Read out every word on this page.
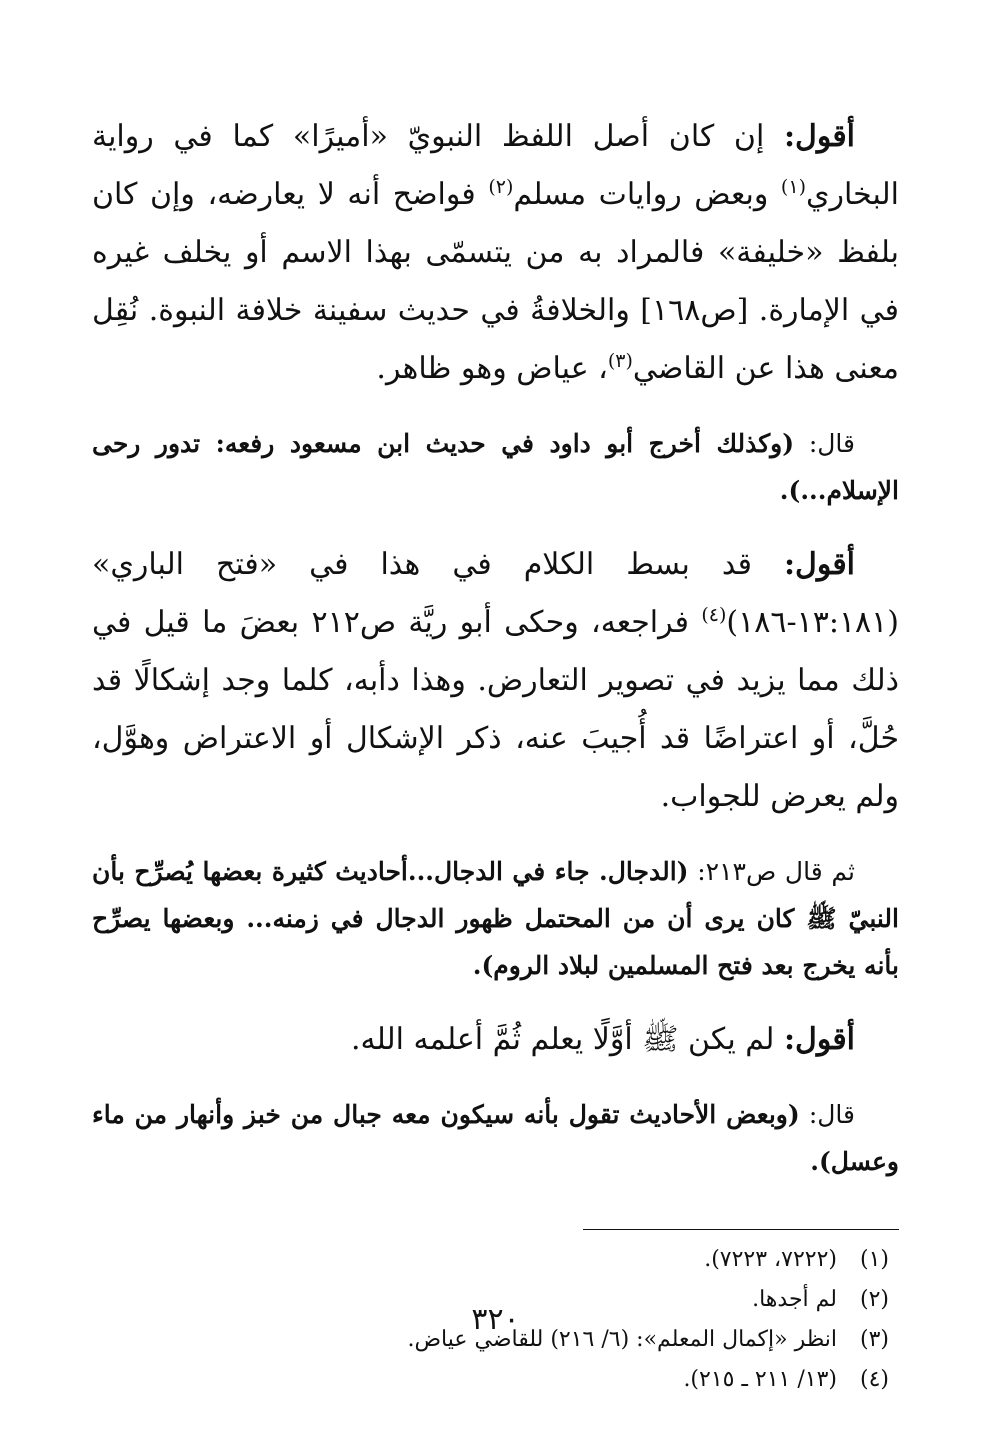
أقول: إن كان أصل اللفظ النبويّ «أميرًا» كما في رواية البخاري$^{(١)}$ وبعض روايات مسلم$^{(٢)}$ فواضح أنه لا يعارضه، وإن كان بلفظ «خليفة» فالمراد به من يتسمّى بهذا الاسم أو يخلف غيره في الإمارة. [ص١٦٨] والخلافةُ في حديث سفينة خلافة النبوة. نُقِل معنى هذا عن القاضي$^{(٣)}$، عياض وهو ظاهر.

قال: (وكذلك أخرج أبو داود في حديث ابن مسعود رفعه: تدور رحى الإسلام...).

أقول: قد بسط الكلام في هذا في «فتح الباري» (١٣:١٨١-١٨٦)$^{(٤)}$ فراجعه، وحكى أبو ريَّة ص٢١٢ بعضَ ما قيل في ذلك مما يزيد في تصوير التعارض. وهذا دأبه، كلما وجد إشكالًا قد حُلَّ، أو اعتراضًا قد أُجيبَ عنه، ذكر الإشكال أو الاعتراض وهوَّل، ولم يعرض للجواب.

ثم قال ص٢١٣: (الدجال. جاء في الدجال...أحاديث كثيرة بعضها يُصرِّح بأن النبيّ ﷺ كان يرى أن من المحتمل ظهور الدجال في زمنه... وبعضها يصرِّح بأنه يخرج بعد فتح المسلمين لبلاد الروم).

أقول: لم يكن ﷺ أوَّلًا يعلم ثُمَّ أعلمه الله.

قال: (وبعض الأحاديث تقول بأنه سيكون معه جبال من خبز وأنهار من ماء وعسل).

(١)
(٧٢٢٢، ٧٢٢٣).
(٢)
لم أجدها.
(٣)
انظر «إكمال المعلم»: (٦/ ٢١٦) للقاضي عياض.
(٤)
(١٣/ ٢١١ ـ ٢١٥).
٣٢٠
